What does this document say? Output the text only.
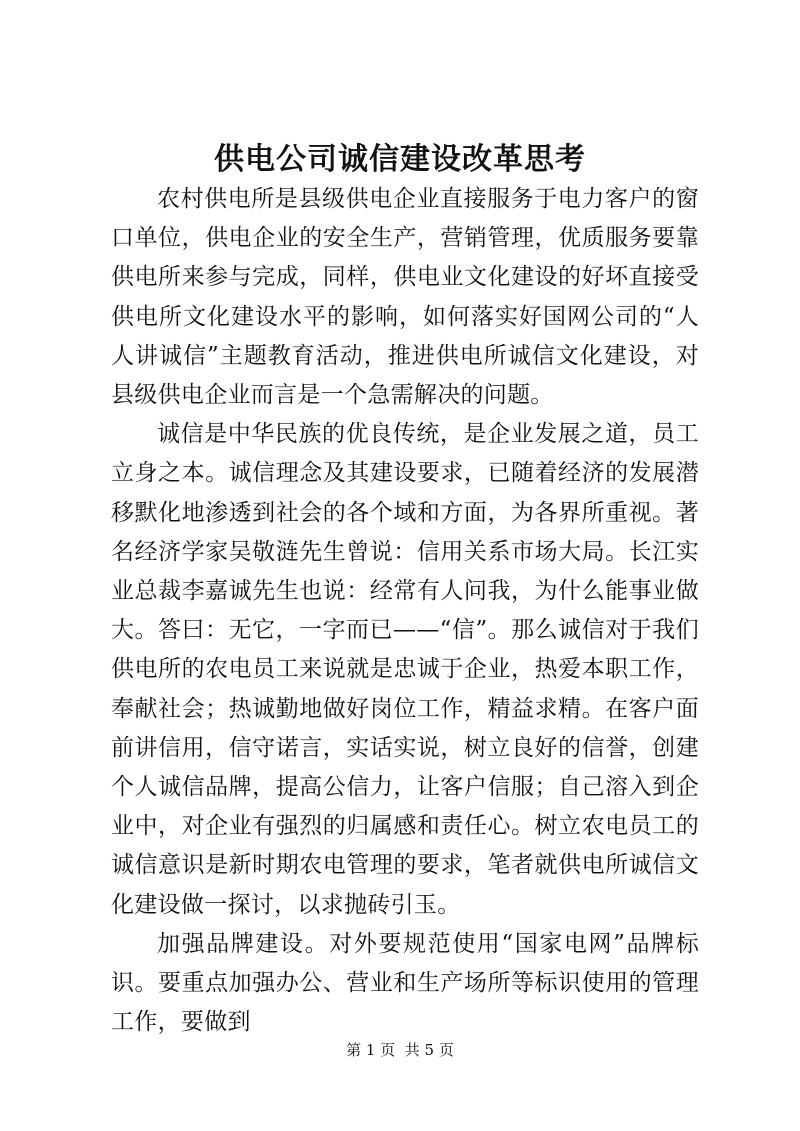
供电公司诚信建设改革思考

农村供电所是县级供电企业直接服务于电力客户的窗口单位，供电企业的安全生产，营销管理，优质服务要靠供电所来参与完成，同样，供电业文化建设的好坏直接受供电所文化建设水平的影响，如何落实好国网公司的“人人讲诚信”主题教育活动，推进供电所诚信文化建设，对县级供电企业而言是一个急需解决的问题。

诚信是中华民族的优良传统，是企业发展之道，员工立身之本。诚信理念及其建设要求，已随着经济的发展潜移默化地渗透到社会的各个域和方面，为各界所重视。著名经济学家吴敬涟先生曾说：信用关系市场大局。长江实业总裁李嘉诚先生也说：经常有人问我，为什么能事业做大。答曰：无它，一字而已——“信”。那么诚信对于我们供电所的农电员工来说就是忠诚于企业，热爱本职工作，奉献社会；热诚勤地做好岗位工作，精益求精。在客户面前讲信用，信守诺言，实话实说，树立良好的信誉，创建个人诚信品牌，提高公信力，让客户信服；自己溶入到企业中，对企业有强烈的归属感和责任心。树立农电员工的诚信意识是新时期农电管理的要求，笔者就供电所诚信文化建设做一探讨，以求抛砖引玉。

加强品牌建设。对外要规范使用“国家电网”品牌标识。要重点加强办公、营业和生产场所等标识使用的管理工作，要做到

第 1 页  共 5 页
